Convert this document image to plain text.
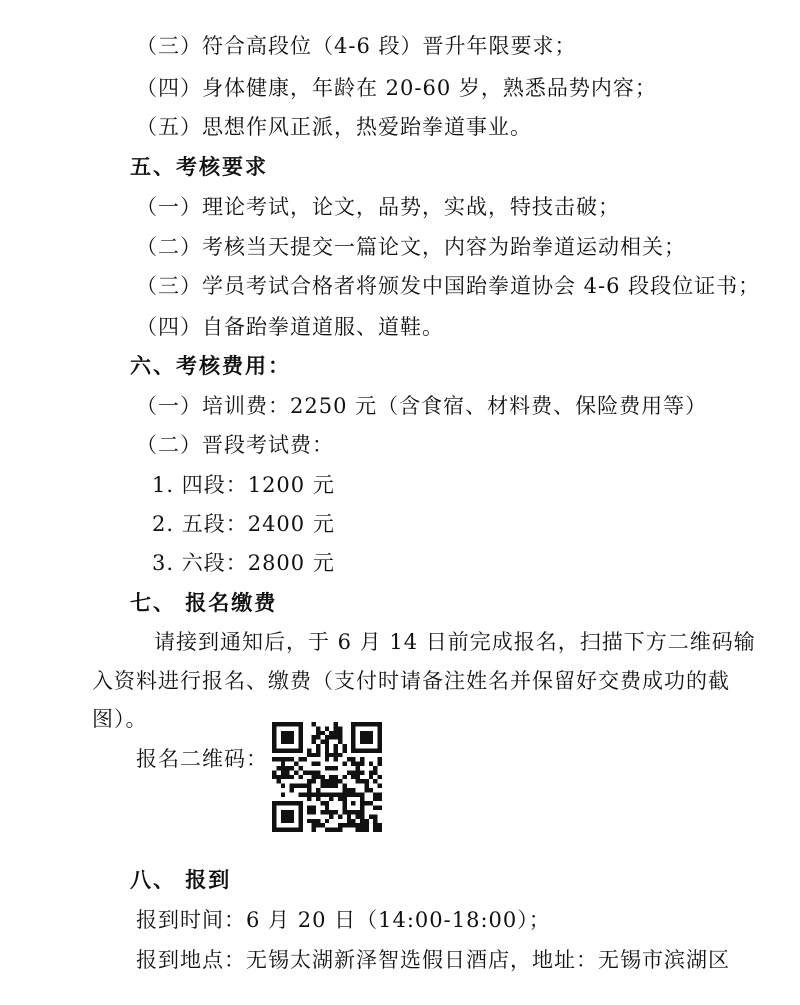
（三）符合高段位（4-6 段）晋升年限要求；
（四）身体健康，年龄在 20-60 岁，熟悉品势内容；
（五）思想作风正派，热爱跆拳道事业。
五、考核要求
（一）理论考试，论文，品势，实战，特技击破；
（二）考核当天提交一篇论文，内容为跆拳道运动相关；
（三）学员考试合格者将颁发中国跆拳道协会 4-6 段段位证书；
（四）自备跆拳道道服、道鞋。
六、考核费用：
（一）培训费：2250 元（含食宿、材料费、保险费用等）
（二）晋段考试费：
1. 四段：1200 元
2. 五段：2400 元
3. 六段：2800 元
七、 报名缴费
请接到通知后，于 6 月 14 日前完成报名，扫描下方二维码输
入资料进行报名、缴费（支付时请备注姓名并保留好交费成功的截
图）。
报名二维码：
八、 报到
报到时间：6 月 20 日（14:00-18:00）；
报到地点：无锡太湖新泽智选假日酒店，地址：无锡市滨湖区
